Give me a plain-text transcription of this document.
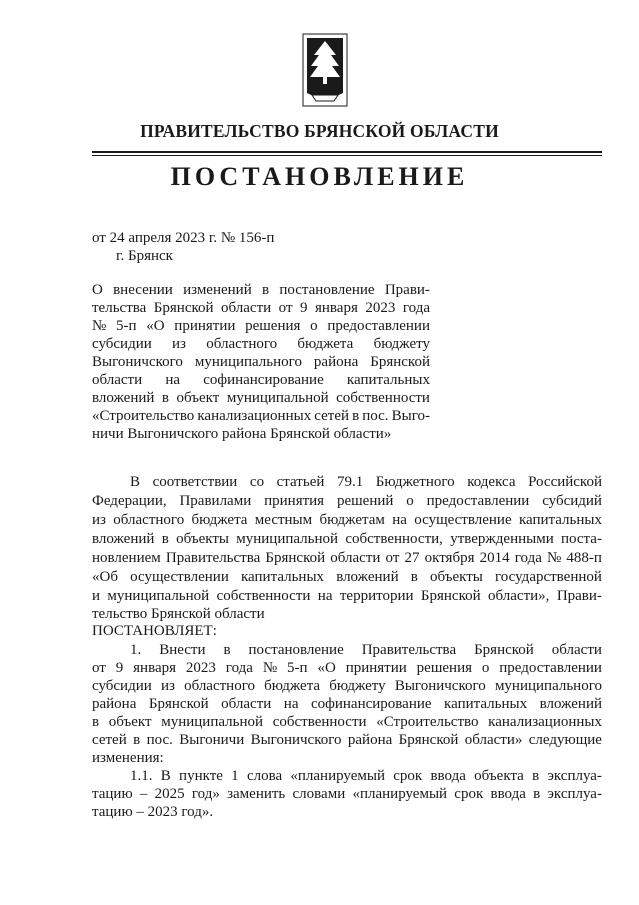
ПРАВИТЕЛЬСТВО БРЯНСКОЙ ОБЛАСТИ
ПОСТАНОВЛЕНИЕ
от 24 апреля 2023 г. № 156-п
г. Брянск
О внесении изменений в постановление Прави-
тельства Брянской области от 9 января 2023 года
№ 5-п «О принятии решения о предоставлении
субсидии из областного бюджета бюджету
Выгоничского муниципального района Брянской
области на софинансирование капитальных
вложений в объект муниципальной собственности
«Строительство канализационных сетей в пос. Выго-
ничи Выгоничского района Брянской области»
В соответствии со статьей 79.1 Бюджетного кодекса Российской
Федерации, Правилами принятия решений о предоставлении субсидий
из областного бюджета местным бюджетам на осуществление капитальных
вложений в объекты муниципальной собственности, утвержденными поста-
новлением Правительства Брянской области от 27 октября 2014 года № 488-п
«Об осуществлении капитальных вложений в объекты государственной
и муниципальной собственности на территории Брянской области», Прави-
тельство Брянской области
ПОСТАНОВЛЯЕТ:
1. Внести в постановление Правительства Брянской области
от 9 января 2023 года № 5-п «О принятии решения о предоставлении
субсидии из областного бюджета бюджету Выгоничского муниципального
района Брянской области на софинансирование капитальных вложений
в объект муниципальной собственности «Строительство канализационных
сетей в пос. Выгоничи Выгоничского района Брянской области» следующие
изменения:
1.1. В пункте 1 слова «планируемый срок ввода объекта в эксплуа-
тацию – 2025 год» заменить словами «планируемый срок ввода в эксплуа-
тацию – 2023 год».
